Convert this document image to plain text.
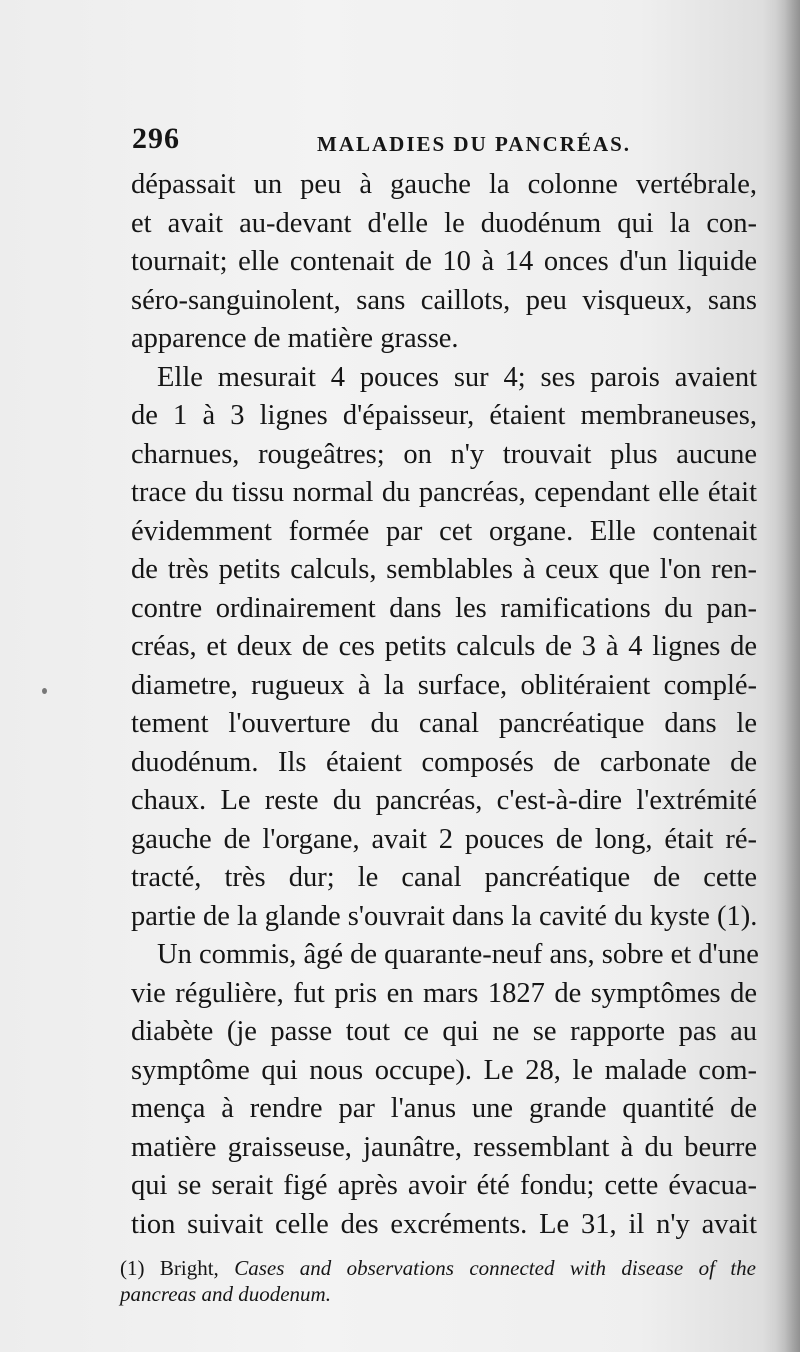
296	MALADIES DU PANCRÉAS.
dépassait un peu à gauche la colonne vertébrale,
et avait au-devant d'elle le duodénum qui la con-
tournait; elle contenait de 10 à 14 onces d'un liquide
séro-sanguinolent, sans caillots, peu visqueux, sans
apparence de matière grasse.
Elle mesurait 4 pouces sur 4; ses parois avaient
de 1 à 3 lignes d'épaisseur, étaient membraneuses,
charnues, rougeâtres; on n'y trouvait plus aucune
trace du tissu normal du pancréas, cependant elle était
évidemment formée par cet organe. Elle contenait
de très petits calculs, semblables à ceux que l'on ren-
contre ordinairement dans les ramifications du pan-
créas, et deux de ces petits calculs de 3 à 4 lignes de
diametre, rugueux à la surface, oblitéraient complé-
tement l'ouverture du canal pancréatique dans le
duodénum. Ils étaient composés de carbonate de
chaux. Le reste du pancréas, c'est-à-dire l'extrémité
gauche de l'organe, avait 2 pouces de long, était ré-
tracté, très dur; le canal pancréatique de cette
partie de la glande s'ouvrait dans la cavité du kyste (1).
Un commis, âgé de quarante-neuf ans, sobre et d'une
vie régulière, fut pris en mars 1827 de symptômes de
diabète (je passe tout ce qui ne se rapporte pas au
symptôme qui nous occupe). Le 28, le malade com-
mença à rendre par l'anus une grande quantité de
matière graisseuse, jaunâtre, ressemblant à du beurre
qui se serait figé après avoir été fondu; cette évacua-
tion suivait celle des excréments. Le 31, il n'y avait
(1) Bright, Cases and observations connected with disease of the
pancreas and duodenum.
